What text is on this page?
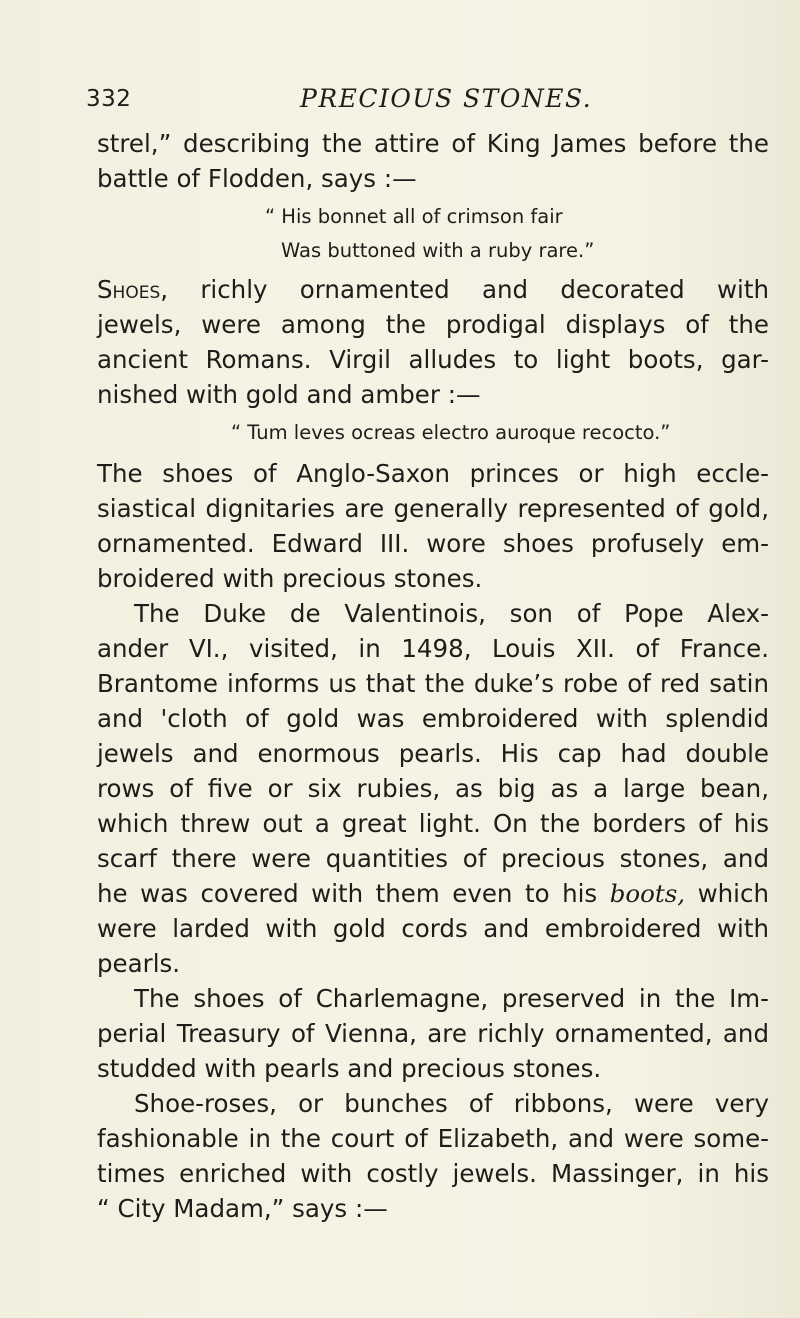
332	PRECIOUS STONES.
strel,” describing the attire of King James before the
battle of Flodden, says :—
“ His bonnet all of crimson fair
Was buttoned with a ruby rare.”
Shoes, richly ornamented and decorated with
jewels, were among the prodigal displays of the
ancient Romans. Virgil alludes to light boots, gar-
nished with gold and amber :—
“ Tum leves ocreas electro auroque recocto.”
The shoes of Anglo-Saxon princes or high eccle-
siastical dignitaries are generally represented of gold,
ornamented. Edward III. wore shoes profusely em-
broidered with precious stones.
The Duke de Valentinois, son of Pope Alex-
ander VI., visited, in 1498, Louis XII. of France.
Brantome informs us that the duke’s robe of red satin
and 'cloth of gold was embroidered with splendid
jewels and enormous pearls. His cap had double
rows of five or six rubies, as big as a large bean,
which threw out a great light. On the borders of his
scarf there were quantities of precious stones, and
he was covered with them even to his boots, which
were larded with gold cords and embroidered with
pearls.
The shoes of Charlemagne, preserved in the Im-
perial Treasury of Vienna, are richly ornamented, and
studded with pearls and precious stones.
Shoe-roses, or bunches of ribbons, were very
fashionable in the court of Elizabeth, and were some-
times enriched with costly jewels. Massinger, in his
“ City Madam,” says :—
